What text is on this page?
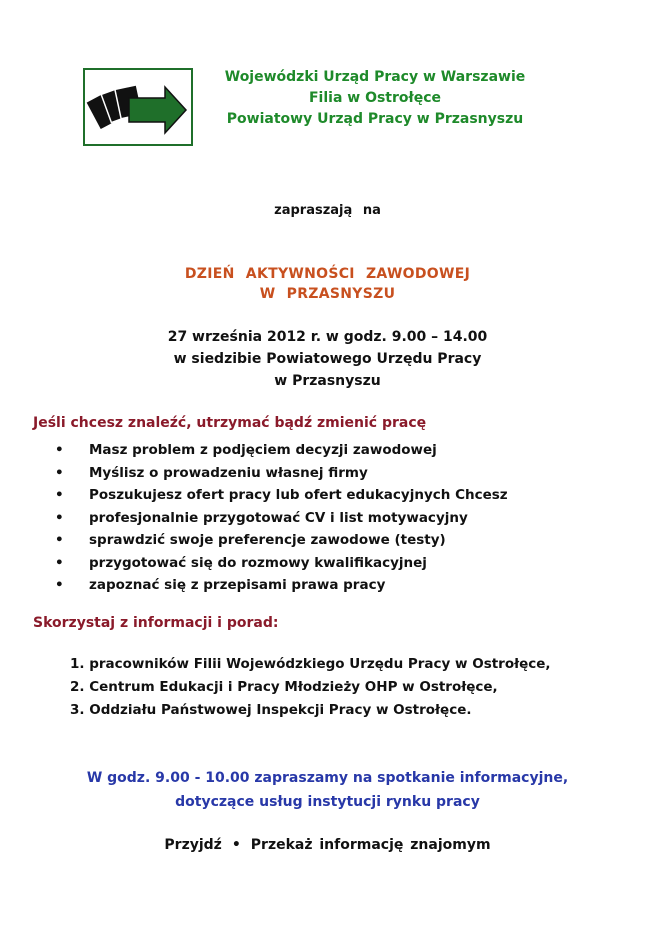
Wojewódzki Urząd Pracy w Warszawie
Filia w Ostrołęce
Powiatowy Urząd Pracy w Przasnyszu
zapraszają na
DZIEŃ AKTYWNOŚCI ZAWODOWEJ
W PRZASNYSZU
27 września 2012 r. w godz. 9.00 – 14.00
w siedzibie Powiatowego Urzędu Pracy
w Przasnyszu
Jeśli chcesz znaleźć, utrzymać bądź zmienić pracę
• Masz problem z podjęciem decyzji zawodowej
• Myślisz o prowadzeniu własnej firmy
• Poszukujesz ofert pracy lub ofert edukacyjnych Chcesz
• profesjonalnie przygotować CV i list motywacyjny
• sprawdzić swoje preferencje zawodowe (testy)
• przygotować się do rozmowy kwalifikacyjnej
• zapoznać się z przepisami prawa pracy
Skorzystaj z informacji i porad:
1. pracowników Filii Wojewódzkiego Urzędu Pracy w Ostrołęce,
2. Centrum Edukacji i Pracy Młodzieży OHP w Ostrołęce,
3. Oddziału Państwowej Inspekcji Pracy w Ostrołęce.
W godz. 9.00 - 10.00 zapraszamy na spotkanie informacyjne,
dotyczące usług instytucji rynku pracy
Przyjdź • Przekaż informację znajomym
